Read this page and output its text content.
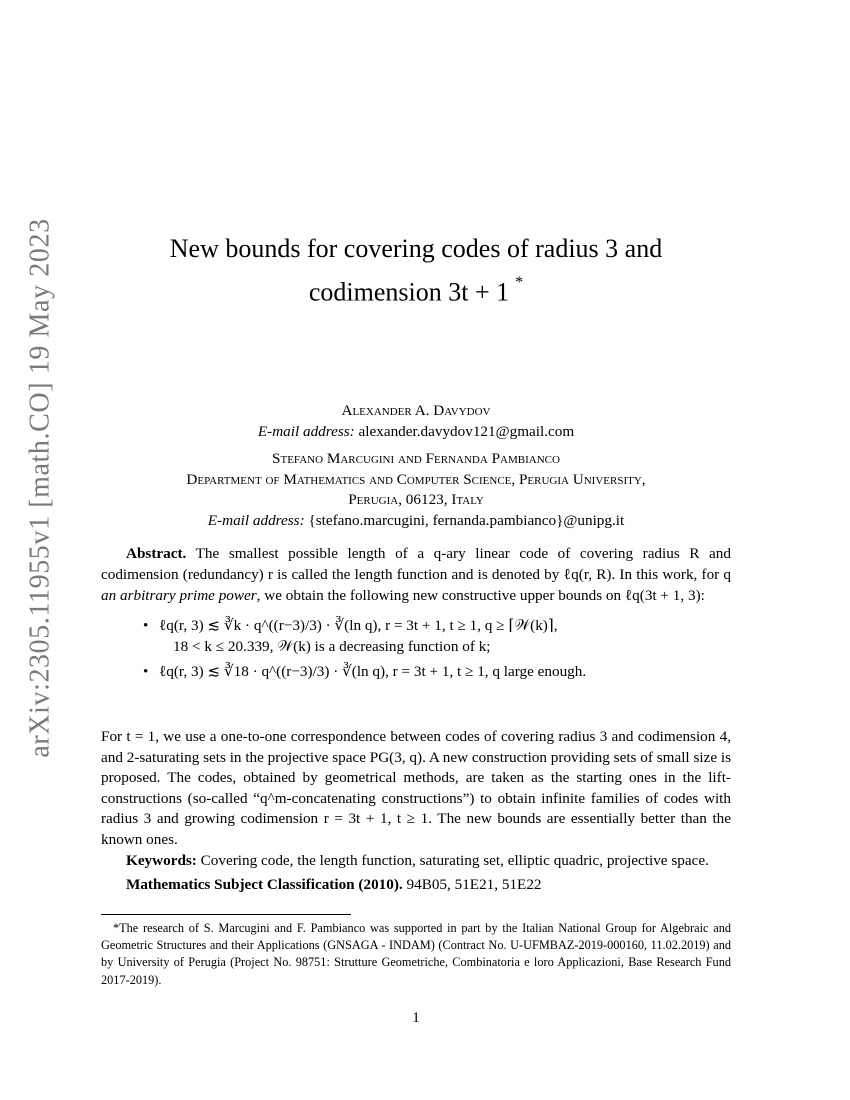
arXiv:2305.11955v1 [math.CO] 19 May 2023	New bounds for covering codes of radius 3 and
codimension 3t + 1 *
Alexander A. Davydov
E-mail address: alexander.davydov121@gmail.com
Stefano Marcugini and Fernanda Pambianco
Department of Mathematics and Computer Science, Perugia University,
Perugia, 06123, Italy
E-mail address: {stefano.marcugini, fernanda.pambianco}@unipg.it

Abstract. The smallest possible length of a q-ary linear code of covering radius R and codimension (redundancy) r is called the length function and is denoted by ℓq(r, R). In this work, for q an arbitrary prime power, we obtain the following new constructive upper bounds on ℓq(3t + 1, 3):

• ℓq(r, 3) ≲ ∛k · q^((r−3)/3) · ∛(ln q), r = 3t + 1, t ≥ 1, q ≥ ⌈𝒲(k)⌉,
18 < k ≤ 20.339, 𝒲(k) is a decreasing function of k;
• ℓq(r, 3) ≲ ∛18 · q^((r−3)/3) · ∛(ln q), r = 3t + 1, t ≥ 1, q large enough.

For t = 1, we use a one-to-one correspondence between codes of covering radius 3 and codimension 4, and 2-saturating sets in the projective space PG(3, q). A new construction providing sets of small size is proposed. The codes, obtained by geometrical methods, are taken as the starting ones in the lift-constructions (so-called “q^m-concatenating constructions”) to obtain infinite families of codes with radius 3 and growing codimension r = 3t + 1, t ≥ 1. The new bounds are essentially better than the known ones.

Keywords: Covering code, the length function, saturating set, elliptic quadric, projective space.

Mathematics Subject Classification (2010). 94B05, 51E21, 51E22

*The research of S. Marcugini and F. Pambianco was supported in part by the Italian National Group for Algebraic and Geometric Structures and their Applications (GNSAGA - INDAM) (Contract No. U-UFMBAZ-2019-000160, 11.02.2019) and by University of Perugia (Project No. 98751: Strutture Geometriche, Combinatoria e loro Applicazioni, Base Research Fund 2017-2019).

1
